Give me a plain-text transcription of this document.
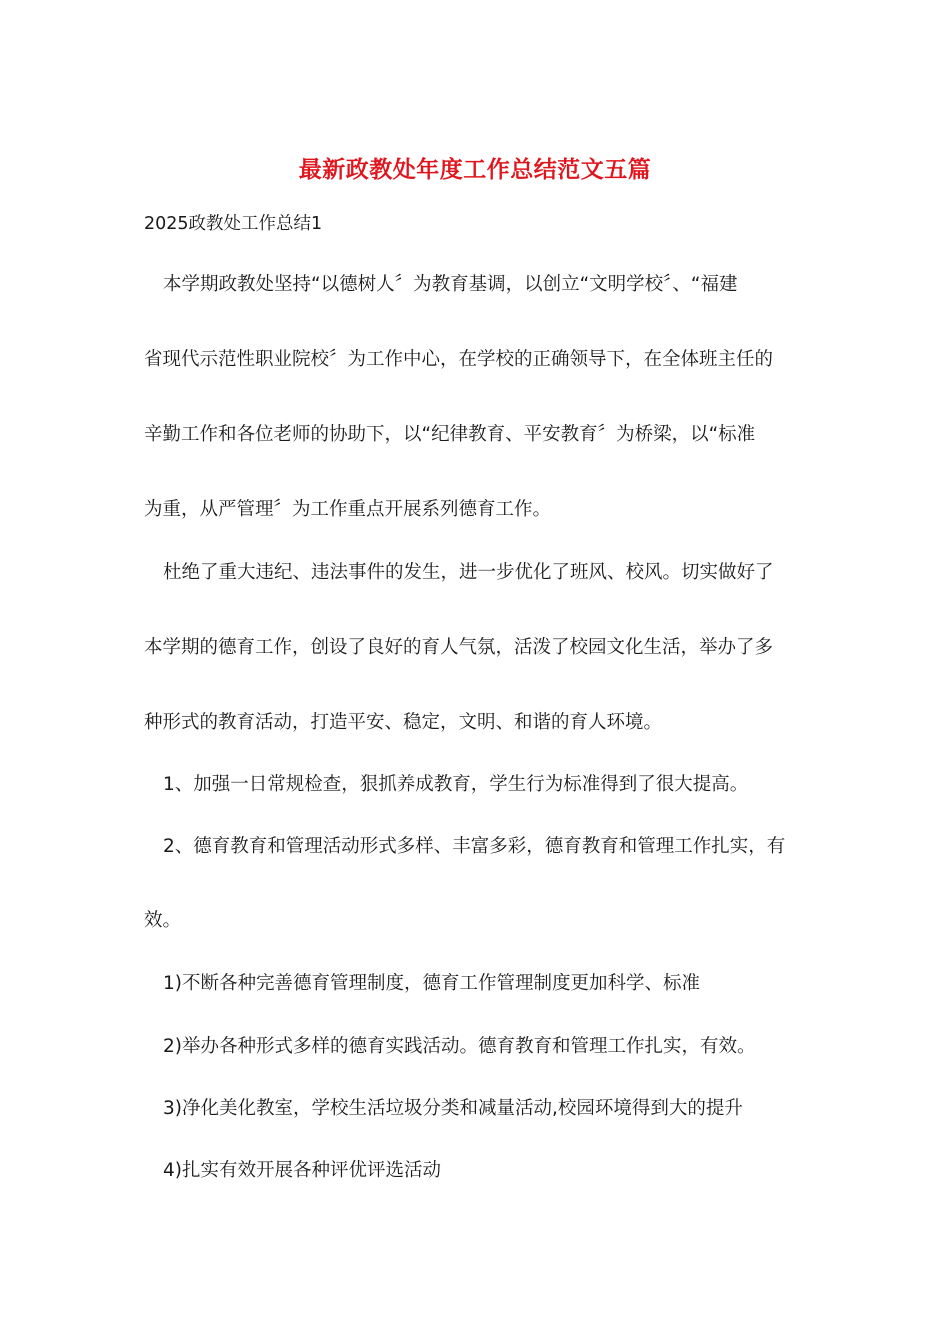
最新政教处年度工作总结范文五篇
2025政教处工作总结1
本学期政教处坚持“以德树人〞为教育基调，以创立“文明学校〞、“福建
省现代示范性职业院校〞为工作中心，在学校的正确领导下，在全体班主任的
辛勤工作和各位老师的协助下，以“纪律教育、平安教育〞为桥梁，以“标准
为重，从严管理〞为工作重点开展系列德育工作。
杜绝了重大违纪、违法事件的发生，进一步优化了班风、校风。切实做好了
本学期的德育工作，创设了良好的育人气氛，活泼了校园文化生活，举办了多
种形式的教育活动，打造平安、稳定，文明、和谐的育人环境。
1、加强一日常规检查，狠抓养成教育，学生行为标准得到了很大提高。
2、德育教育和管理活动形式多样、丰富多彩，德育教育和管理工作扎实，有
效。
1)不断各种完善德育管理制度，德育工作管理制度更加科学、标准
2)举办各种形式多样的德育实践活动。德育教育和管理工作扎实，有效。
3)净化美化教室，学校生活垃圾分类和减量活动,校园环境得到大的提升
4)扎实有效开展各种评优评选活动
